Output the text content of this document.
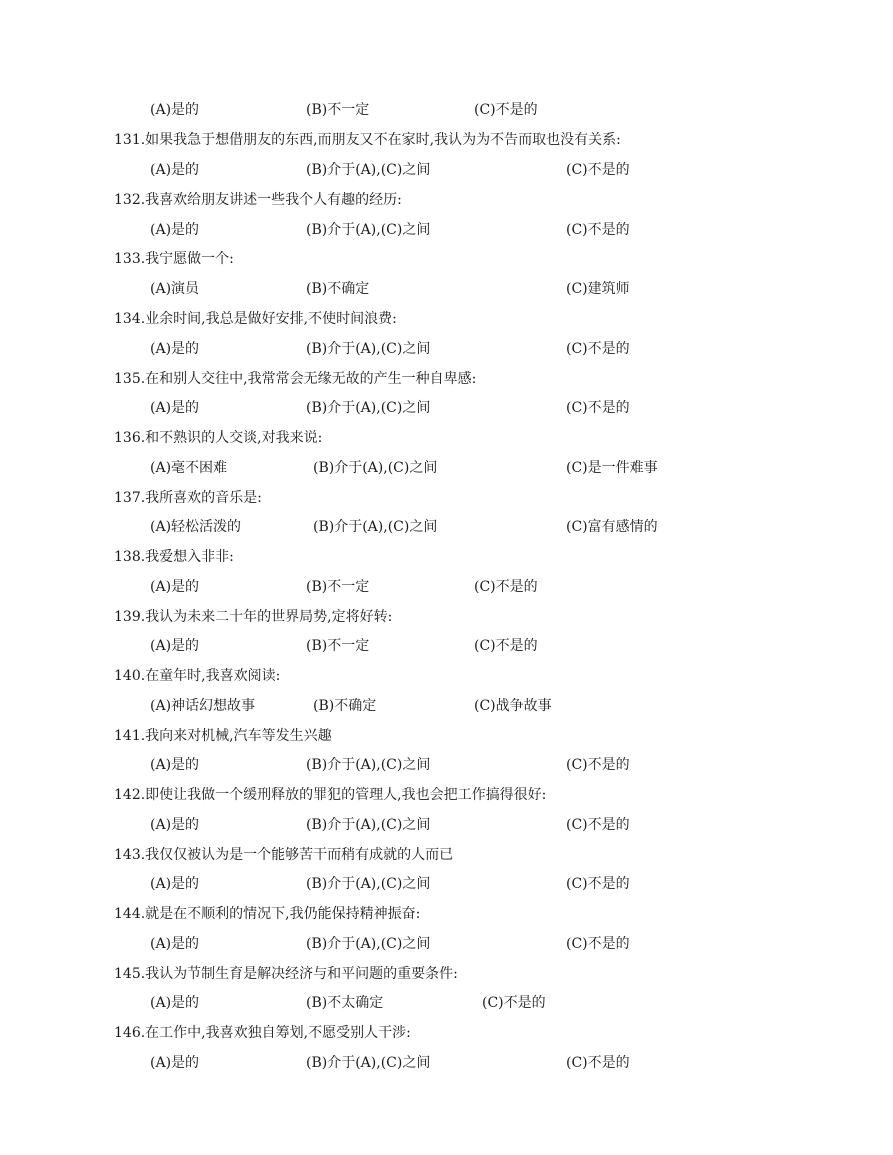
(A)是的	(B)不一定	(C)不是的
131.如果我急于想借朋友的东西,而朋友又不在家时,我认为为不告而取也没有关系:
(A)是的	(B)介于(A),(C)之间	(C)不是的
132.我喜欢给朋友讲述一些我个人有趣的经历:
(A)是的	(B)介于(A),(C)之间	(C)不是的
133.我宁愿做一个:
(A)演员	(B)不确定	(C)建筑师
134.业余时间,我总是做好安排,不使时间浪费:
(A)是的	(B)介于(A),(C)之间	(C)不是的
135.在和别人交往中,我常常会无缘无故的产生一种自卑感:
(A)是的	(B)介于(A),(C)之间	(C)不是的
136.和不熟识的人交谈,对我来说:
(A)毫不困难	(B)介于(A),(C)之间	(C)是一件难事
137.我所喜欢的音乐是:
(A)轻松活泼的	(B)介于(A),(C)之间	(C)富有感情的
138.我爱想入非非:
(A)是的	(B)不一定	(C)不是的
139.我认为未来二十年的世界局势,定将好转:
(A)是的	(B)不一定	(C)不是的
140.在童年时,我喜欢阅读:
(A)神话幻想故事	(B)不确定	(C)战争故事
141.我向来对机械,汽车等发生兴趣
(A)是的	(B)介于(A),(C)之间	(C)不是的
142.即使让我做一个缓刑释放的罪犯的管理人,我也会把工作搞得很好:
(A)是的	(B)介于(A),(C)之间	(C)不是的
143.我仅仅被认为是一个能够苦干而稍有成就的人而已
(A)是的	(B)介于(A),(C)之间	(C)不是的
144.就是在不顺利的情况下,我仍能保持精神振奋:
(A)是的	(B)介于(A),(C)之间	(C)不是的
145.我认为节制生育是解决经济与和平问题的重要条件:
(A)是的	(B)不太确定	(C)不是的
146.在工作中,我喜欢独自筹划,不愿受别人干涉:
(A)是的	(B)介于(A),(C)之间	(C)不是的
